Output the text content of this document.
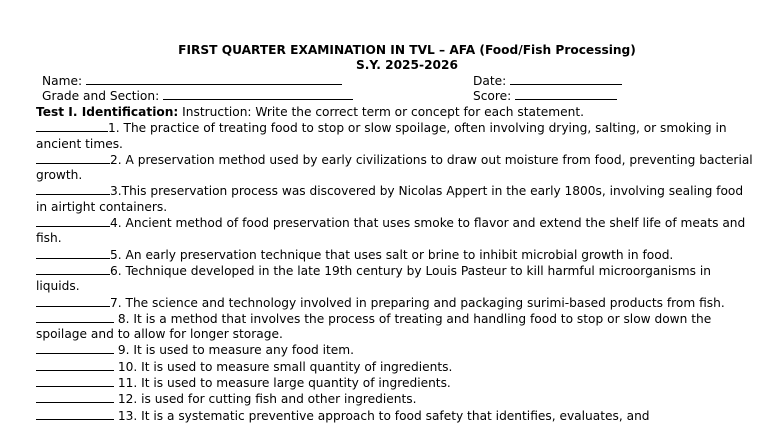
FIRST QUARTER EXAMINATION IN TVL – AFA (Food/Fish Processing)
S.Y. 2025-2026
Name:	Date:
Grade and Section:	Score:

Test I. Identification: Instruction: Write the correct term or concept for each statement.

1. The practice of treating food to stop or slow spoilage, often involving drying, salting, or smoking in ancient times.

2. A preservation method used by early civilizations to draw out moisture from food, preventing bacterial growth.

3.This preservation process was discovered by Nicolas Appert in the early 1800s, involving sealing food in airtight containers.

4. Ancient method of food preservation that uses smoke to flavor and extend the shelf life of meats and fish.

5. An early preservation technique that uses salt or brine to inhibit microbial growth in food.

6. Technique developed in the late 19th century by Louis Pasteur to kill harmful microorganisms in liquids.

7. The science and technology involved in preparing and packaging surimi-based products from fish.

8. It is a method that involves the process of treating and handling food to stop or slow down the spoilage and to allow for longer storage.

9. It is used to measure any food item.

10. It is used to measure small quantity of ingredients.

11. It is used to measure large quantity of ingredients.

12. is used for cutting fish and other ingredients.

13. It is a systematic preventive approach to food safety that identifies, evaluates, and
